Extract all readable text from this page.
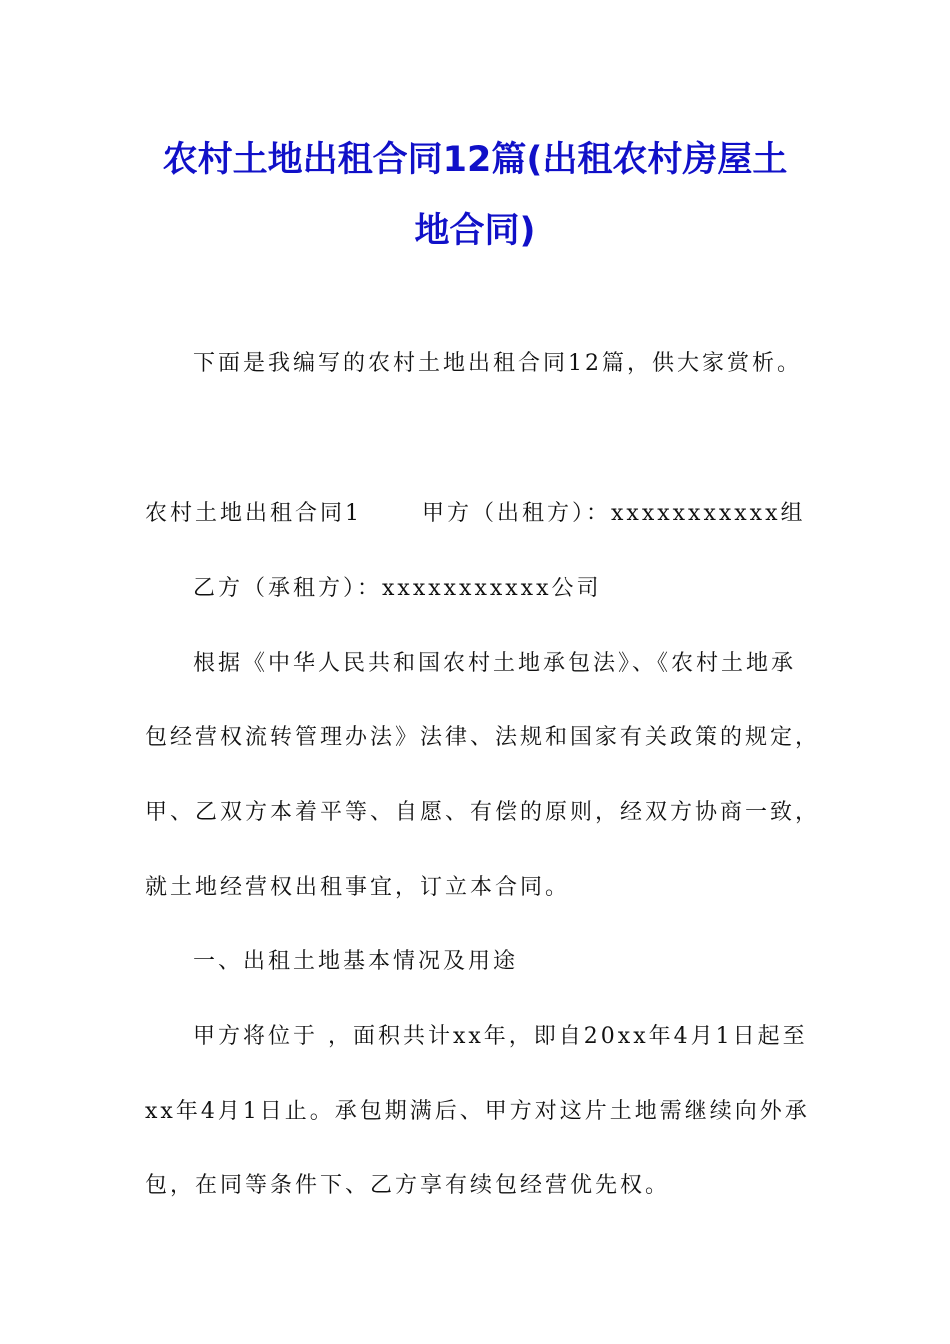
农村土地出租合同12篇(出租农村房屋土
地合同)
下面是我编写的农村土地出租合同12篇，供大家赏析。
农村土地出租合同1	甲方（出租方）：xxxxxxxxxxx组
乙方（承租方）：xxxxxxxxxxx公司
根据《中华人民共和国农村土地承包法》、《农村土地承
包经营权流转管理办法》法律、法规和国家有关政策的规定，
甲、乙双方本着平等、自愿、有偿的原则，经双方协商一致，
就土地经营权出租事宜，订立本合同。
一、出租土地基本情况及用途
甲方将位于 ，面积共计xx年，即自20xx年4月1日起至
xx年4月1日止。承包期满后、甲方对这片土地需继续向外承
包，在同等条件下、乙方享有续包经营优先权。
